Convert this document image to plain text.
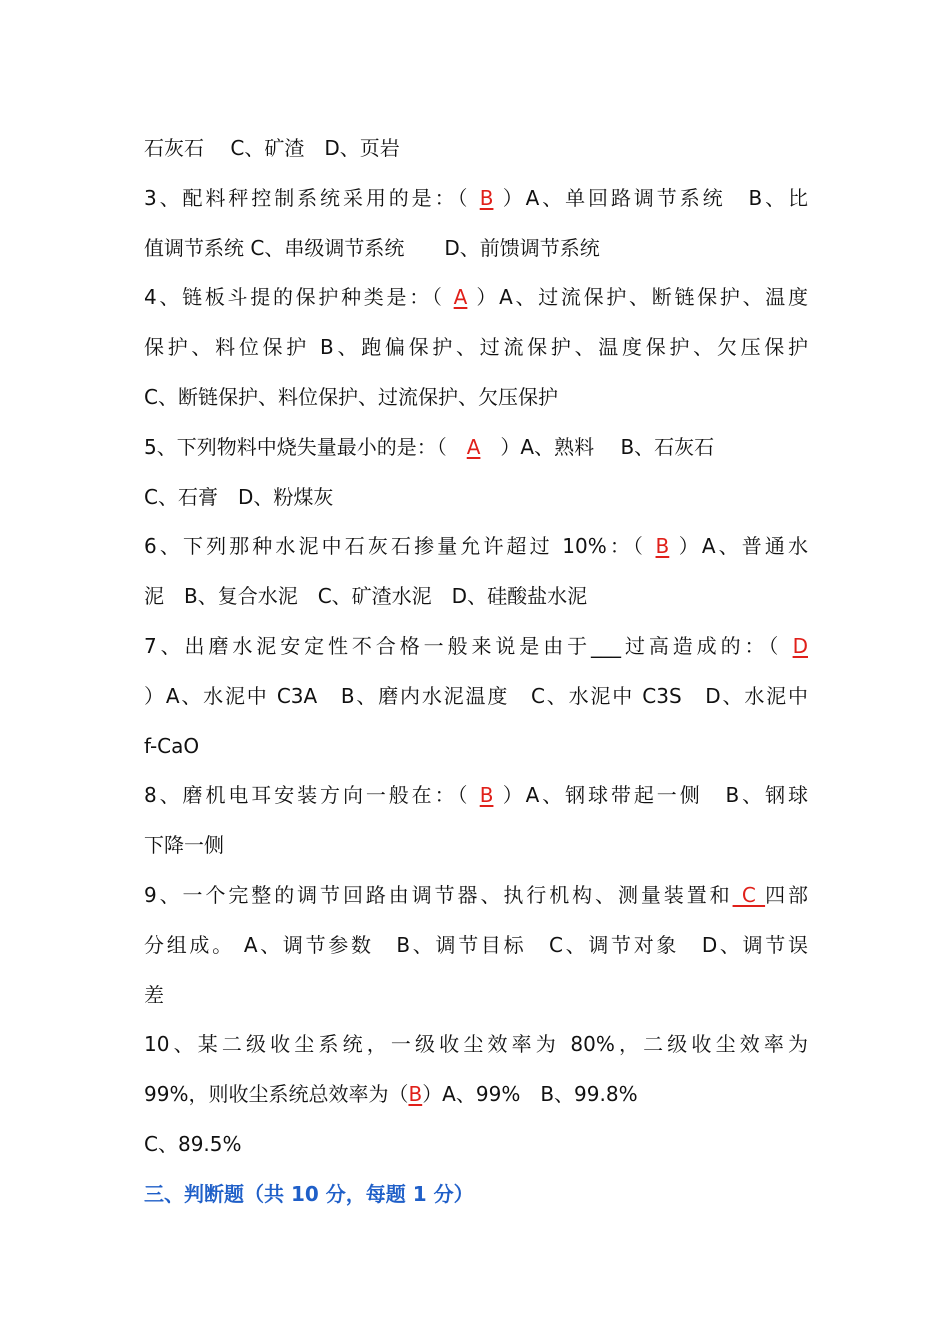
石灰石　 C、矿渣　D、页岩
3、配料秤控制系统采用的是：（ B ）A、单回路调节系统　B、比
值调节系统 C、串级调节系统　　D、前馈调节系统
4、链板斗提的保护种类是：（ A ）A、过流保护、断链保护、温度
保护、料位保护 B、跑偏保护、过流保护、温度保护、欠压保护
C、断链保护、料位保护、过流保护、欠压保护
5、下列物料中烧失量最小的是：（　A　）A、熟料　 B、石灰石
C、石膏　D、粉煤灰
6、下列那种水泥中石灰石掺量允许超过 10%：（ B ）A、普通水
泥　B、复合水泥　C、矿渣水泥　D、硅酸盐水泥
7、出磨水泥安定性不合格一般来说是由于___过高造成的：（ D
）A、水泥中 C3A　B、磨内水泥温度　C、水泥中 C3S　D、水泥中
f-CaO
8、磨机电耳安装方向一般在：（ B ）A、钢球带起一侧　B、钢球
下降一侧
9、一个完整的调节回路由调节器、执行机构、测量装置和 C 四部
分组成。 A、调节参数　B、调节目标　C、调节对象　D、调节误
差
10、某二级收尘系统，一级收尘效率为 80%，二级收尘效率为
99%，则收尘系统总效率为（B）A、99%　B、99.8%
C、89.5%
三、判断题（共 10 分，每题 1 分）
